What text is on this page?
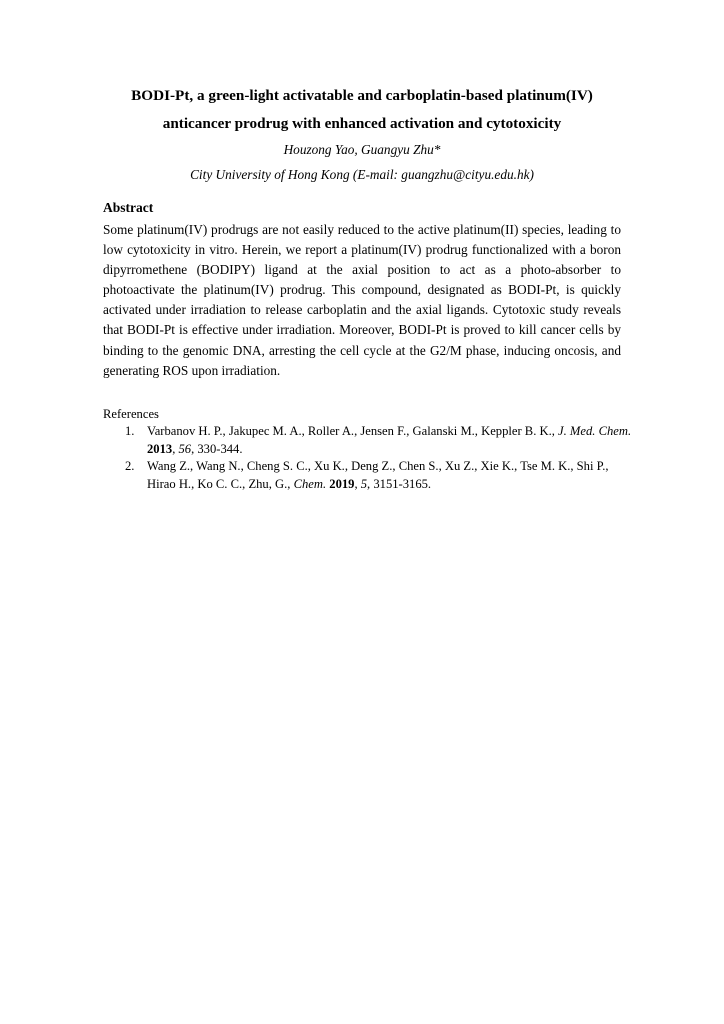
BODI-Pt, a green-light activatable and carboplatin-based platinum(IV)
anticancer prodrug with enhanced activation and cytotoxicity
Houzong Yao, Guangyu Zhu*
City University of Hong Kong (E-mail: guangzhu@cityu.edu.hk)
Abstract

Some platinum(IV) prodrugs are not easily reduced to the active platinum(II) species, leading to low cytotoxicity in vitro. Herein, we report a platinum(IV) prodrug functionalized with a boron dipyrromethene (BODIPY) ligand at the axial position to act as a photo-absorber to photoactivate the platinum(IV) prodrug. This compound, designated as BODI-Pt, is quickly activated under irradiation to release carboplatin and the axial ligands. Cytotoxic study reveals that BODI-Pt is effective under irradiation. Moreover, BODI-Pt is proved to kill cancer cells by binding to the genomic DNA, arresting the cell cycle at the G2/M phase, inducing oncosis, and generating ROS upon irradiation.

References
1. Varbanov H. P., Jakupec M. A., Roller A., Jensen F., Galanski M., Keppler B. K., J. Med. Chem. 2013, 56, 330-344.
2. Wang Z., Wang N., Cheng S. C., Xu K., Deng Z., Chen S., Xu Z., Xie K., Tse M. K., Shi P., Hirao H., Ko C. C., Zhu, G., Chem. 2019, 5, 3151-3165.
